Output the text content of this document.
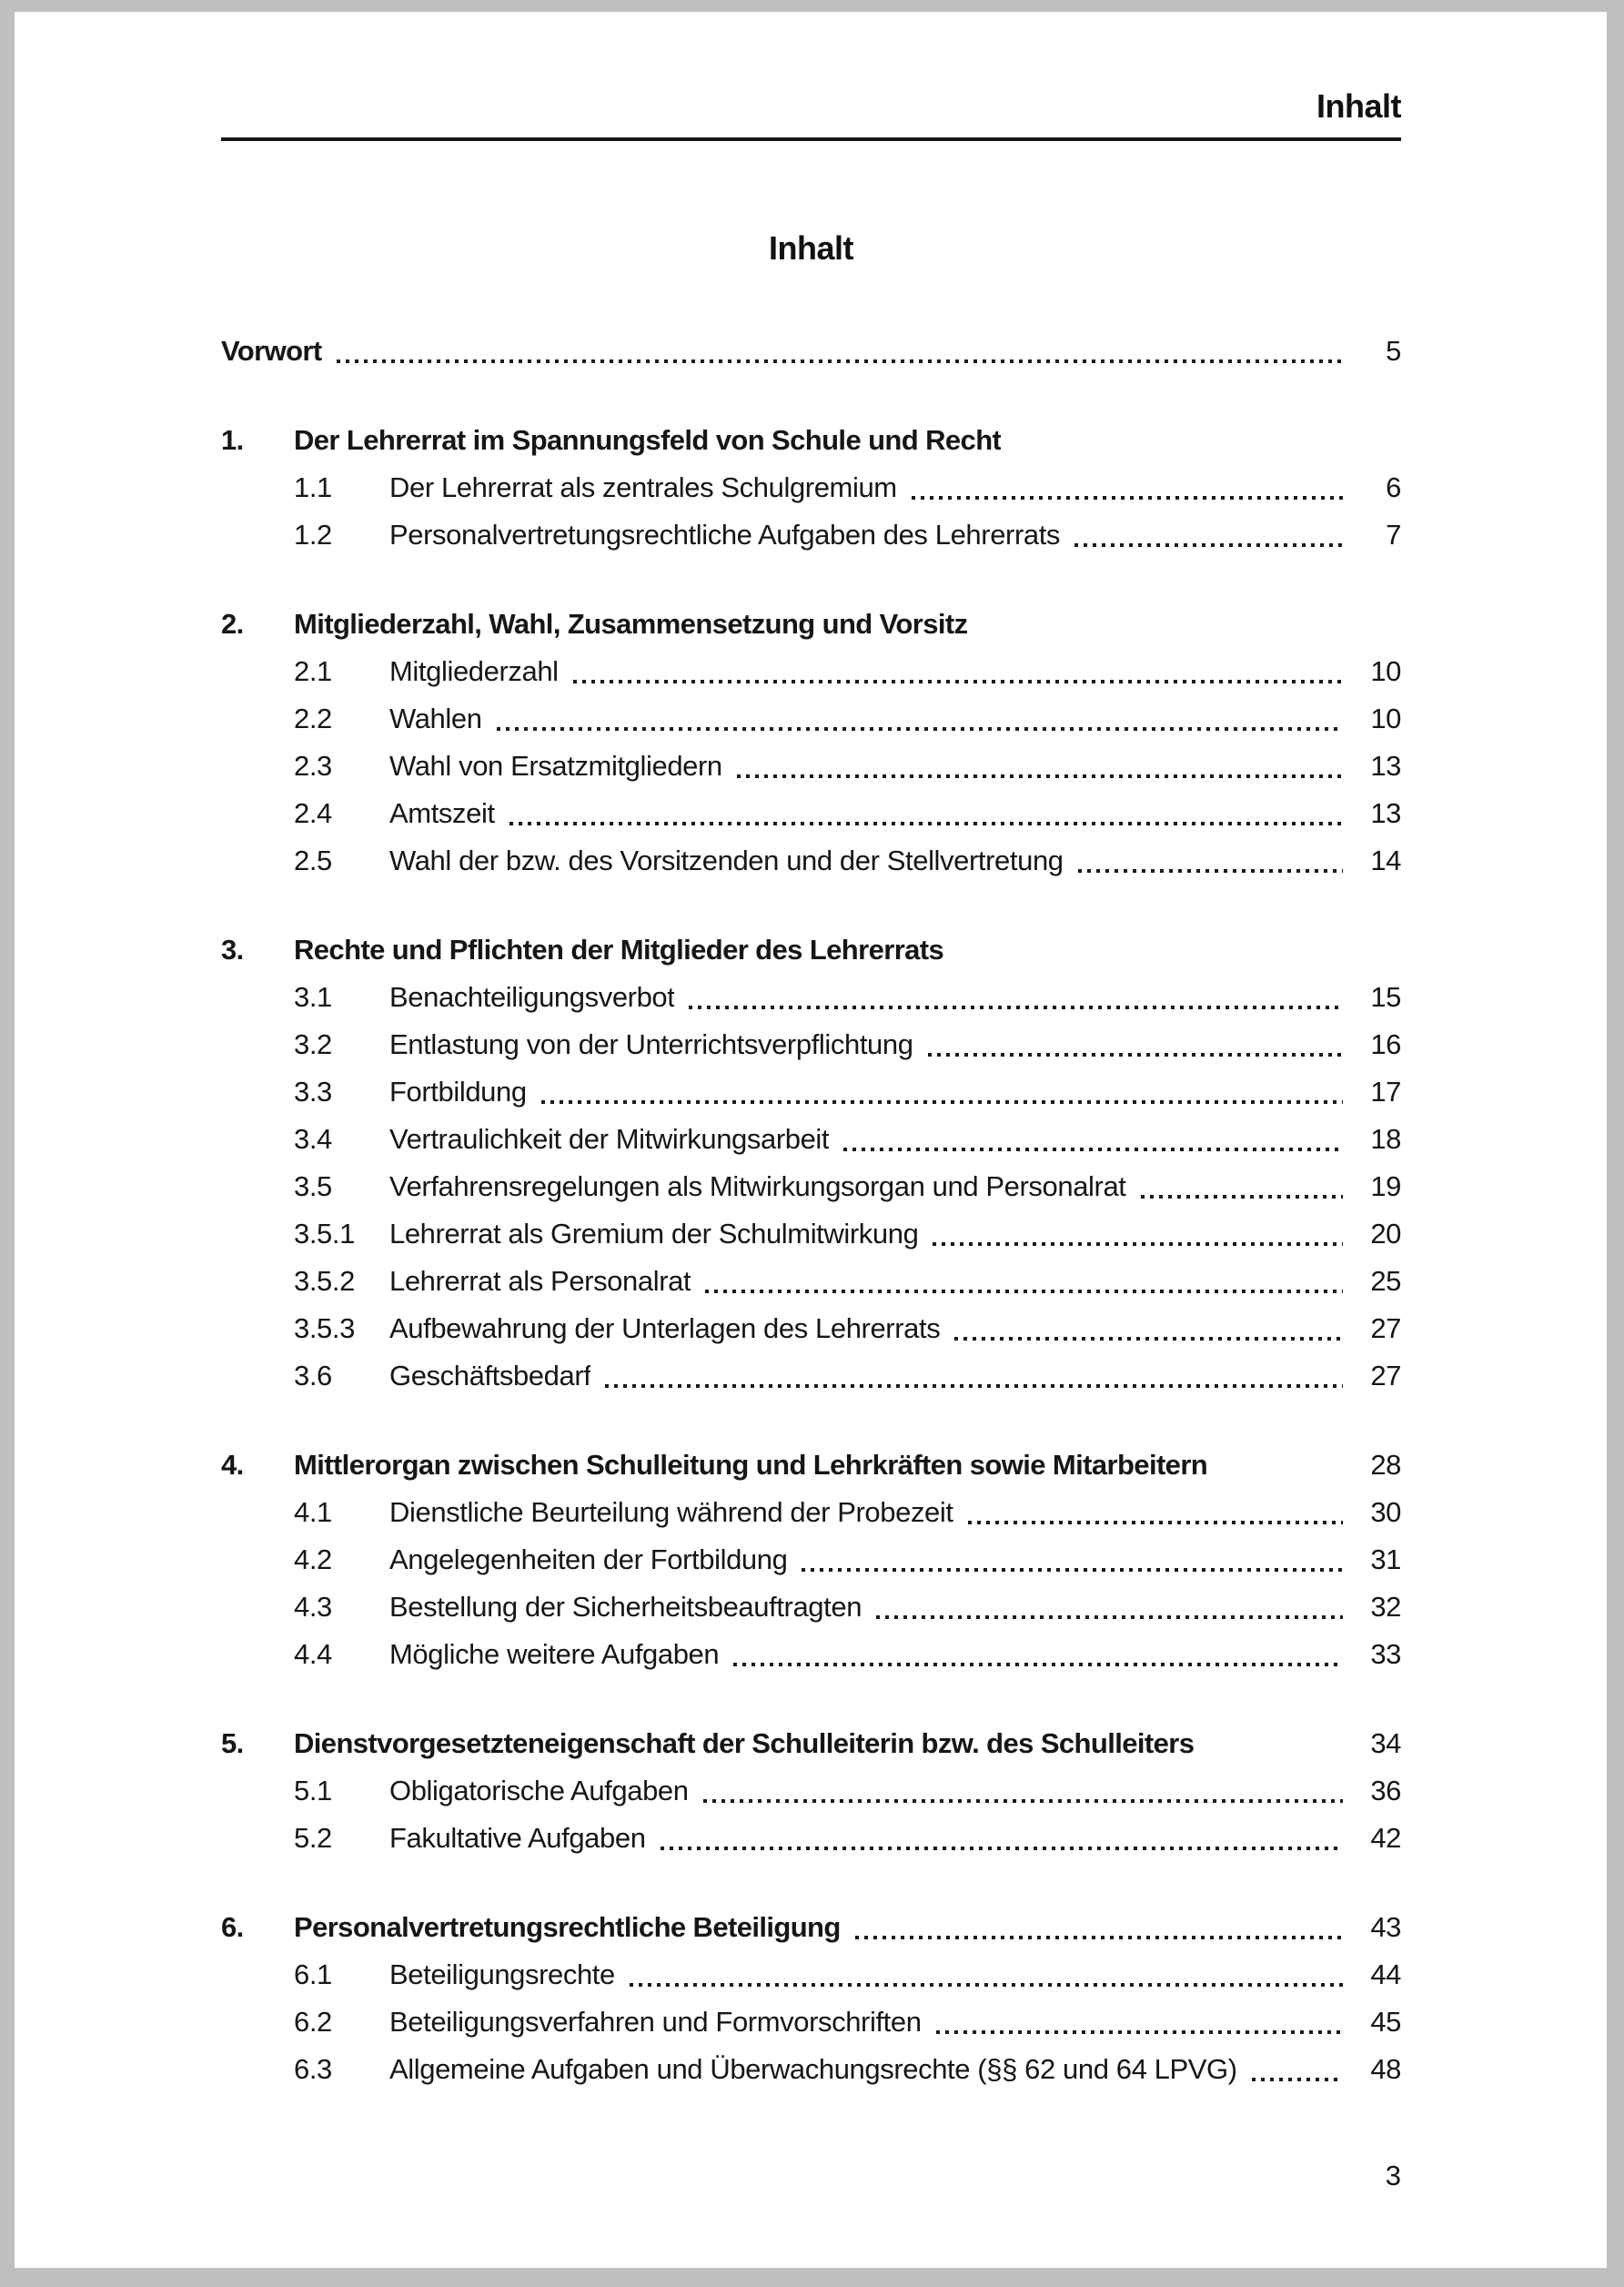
Inhalt
Inhalt
Vorwort	5
1.	Der Lehrerrat im Spannungsfeld von Schule und Recht
1.1	Der Lehrerrat als zentrales Schulgremium	6
1.2	Personalvertretungsrechtliche Aufgaben des Lehrerrats	7
2.	Mitgliederzahl, Wahl, Zusammensetzung und Vorsitz
2.1	Mitgliederzahl	10
2.2	Wahlen	10
2.3	Wahl von Ersatzmitgliedern	13
2.4	Amtszeit	13
2.5	Wahl der bzw. des Vorsitzenden und der Stellvertretung	14
3.	Rechte und Pflichten der Mitglieder des Lehrerrats
3.1	Benachteiligungsverbot	15
3.2	Entlastung von der Unterrichtsverpflichtung	16
3.3	Fortbildung	17
3.4	Vertraulichkeit der Mitwirkungsarbeit	18
3.5	Verfahrensregelungen als Mitwirkungsorgan und Personalrat	19
3.5.1	Lehrerrat als Gremium der Schulmitwirkung	20
3.5.2	Lehrerrat als Personalrat	25
3.5.3	Aufbewahrung der Unterlagen des Lehrerrats	27
3.6	Geschäftsbedarf	27
4.	Mittlerorgan zwischen Schulleitung und Lehrkräften sowie Mitarbeitern	28
4.1	Dienstliche Beurteilung während der Probezeit	30
4.2	Angelegenheiten der Fortbildung	31
4.3	Bestellung der Sicherheitsbeauftragten	32
4.4	Mögliche weitere Aufgaben	33
5.	Dienstvorgesetzteneigenschaft der Schulleiterin bzw. des Schulleiters	34
5.1	Obligatorische Aufgaben	36
5.2	Fakultative Aufgaben	42
6.	Personalvertretungsrechtliche Beteiligung	43
6.1	Beteiligungsrechte	44
6.2	Beteiligungsverfahren und Formvorschriften	45
6.3	Allgemeine Aufgaben und Überwachungsrechte (§§ 62 und 64 LPVG)	48
3
